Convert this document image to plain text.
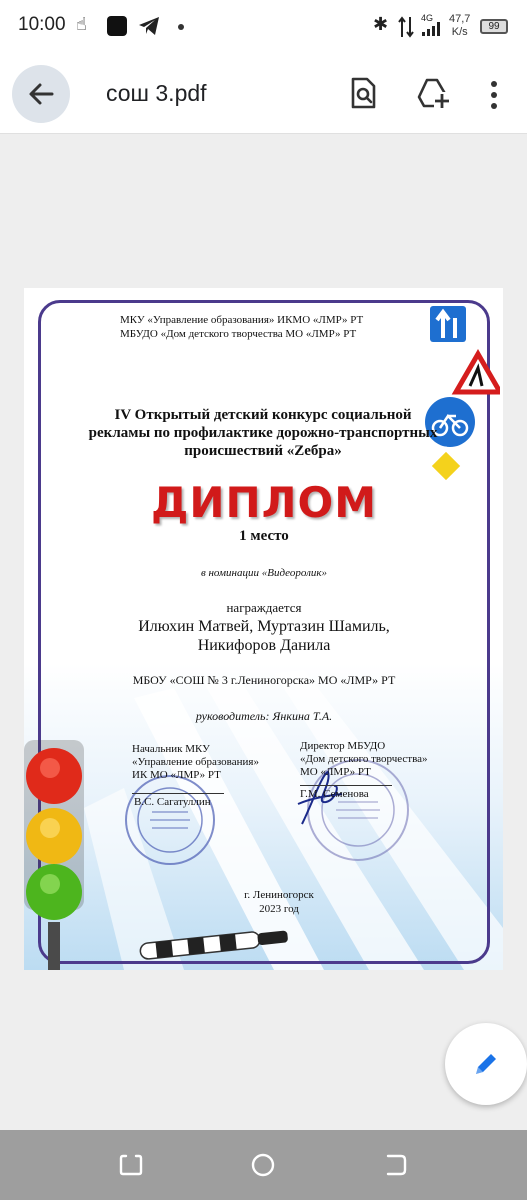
10:00 ☝	✱	4G 47,7
K/s	99
сош 3.pdf
МКУ «Управление образования» ИКМО «ЛМР» РТ
МБУДО «Дом детского творчества МО «ЛМР» РТ
IV Открытый детский конкурс социальной
рекламы по профилактике дорожно-транспортных
происшествий «Zебра»
ДИПЛОМ
1 место
в номинации «Видеоролик»
награждается
Илюхин Матвей, Муртазин Шамиль,
Никифоров Данила
МБОУ «СОШ № 3 г.Лениногорска» МО «ЛМР» РТ
руководитель: Янкина Т.А.
Начальник МКУ
«Управление образования»
ИК МО «ЛМР» РТ
В.С. Сагатуллин
Директор МБУДО
«Дом детского творчества»
МО «ЛМР» РТ
Г.М. Семенова
г. Лениногорск
2023 год
